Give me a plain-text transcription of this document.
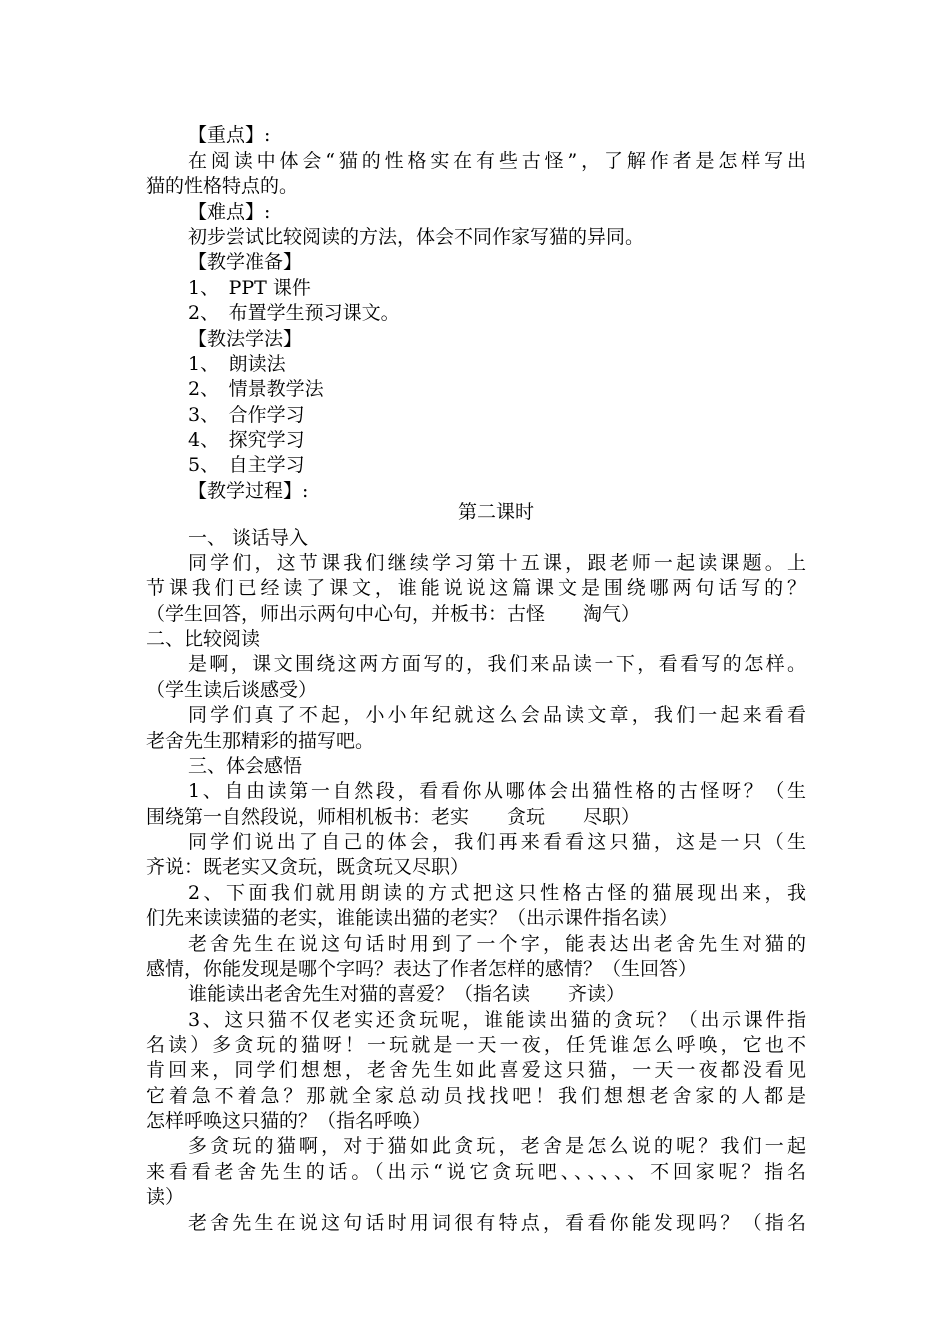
【重点】:
在阅读中体会“猫的性格实在有些古怪”，了解作者是怎样写出
猫的性格特点的。
【难点】:
初步尝试比较阅读的方法，体会不同作家写猫的异同。
【教学准备】
1、　PPT 课件
2、　布置学生预习课文。
【教法学法】
1、　朗读法
2、　情景教学法
3、　合作学习
4、　探究学习
5、　自主学习
【教学过程】:
第二课时
一、 谈话导入
同学们，这节课我们继续学习第十五课，跟老师一起读课题。上
节课我们已经读了课文，谁能说说这篇课文是围绕哪两句话写的？
（学生回答，师出示两句中心句，并板书：古怪　　淘气）
二、比较阅读
是啊，课文围绕这两方面写的，我们来品读一下，看看写的怎样。
（学生读后谈感受）
同学们真了不起，小小年纪就这么会品读文章，我们一起来看看
老舍先生那精彩的描写吧。
三、体会感悟
1、自由读第一自然段，看看你从哪体会出猫性格的古怪呀？（生
围绕第一自然段说，师相机板书：老实　　贪玩　　尽职）
同学们说出了自己的体会，我们再来看看这只猫，这是一只（生
齐说：既老实又贪玩，既贪玩又尽职）
2、下面我们就用朗读的方式把这只性格古怪的猫展现出来，我
们先来读读猫的老实，谁能读出猫的老实？（出示课件指名读）
老舍先生在说这句话时用到了一个字，能表达出老舍先生对猫的
感情，你能发现是哪个字吗？表达了作者怎样的感情？（生回答）
谁能读出老舍先生对猫的喜爱？（指名读　　齐读）
3、这只猫不仅老实还贪玩呢，谁能读出猫的贪玩？（出示课件指
名读）多贪玩的猫呀！一玩就是一天一夜，任凭谁怎么呼唤，它也不
肯回来，同学们想想，老舍先生如此喜爱这只猫，一天一夜都没看见
它着急不着急？那就全家总动员找找吧！我们想想老舍家的人都是
怎样呼唤这只猫的？（指名呼唤）
多贪玩的猫啊，对于猫如此贪玩，老舍是怎么说的呢？我们一起
来看看老舍先生的话。（出示“说它贪玩吧、、、、、、不回家呢？指名
读）
老舍先生在说这句话时用词很有特点，看看你能发现吗？（指名
